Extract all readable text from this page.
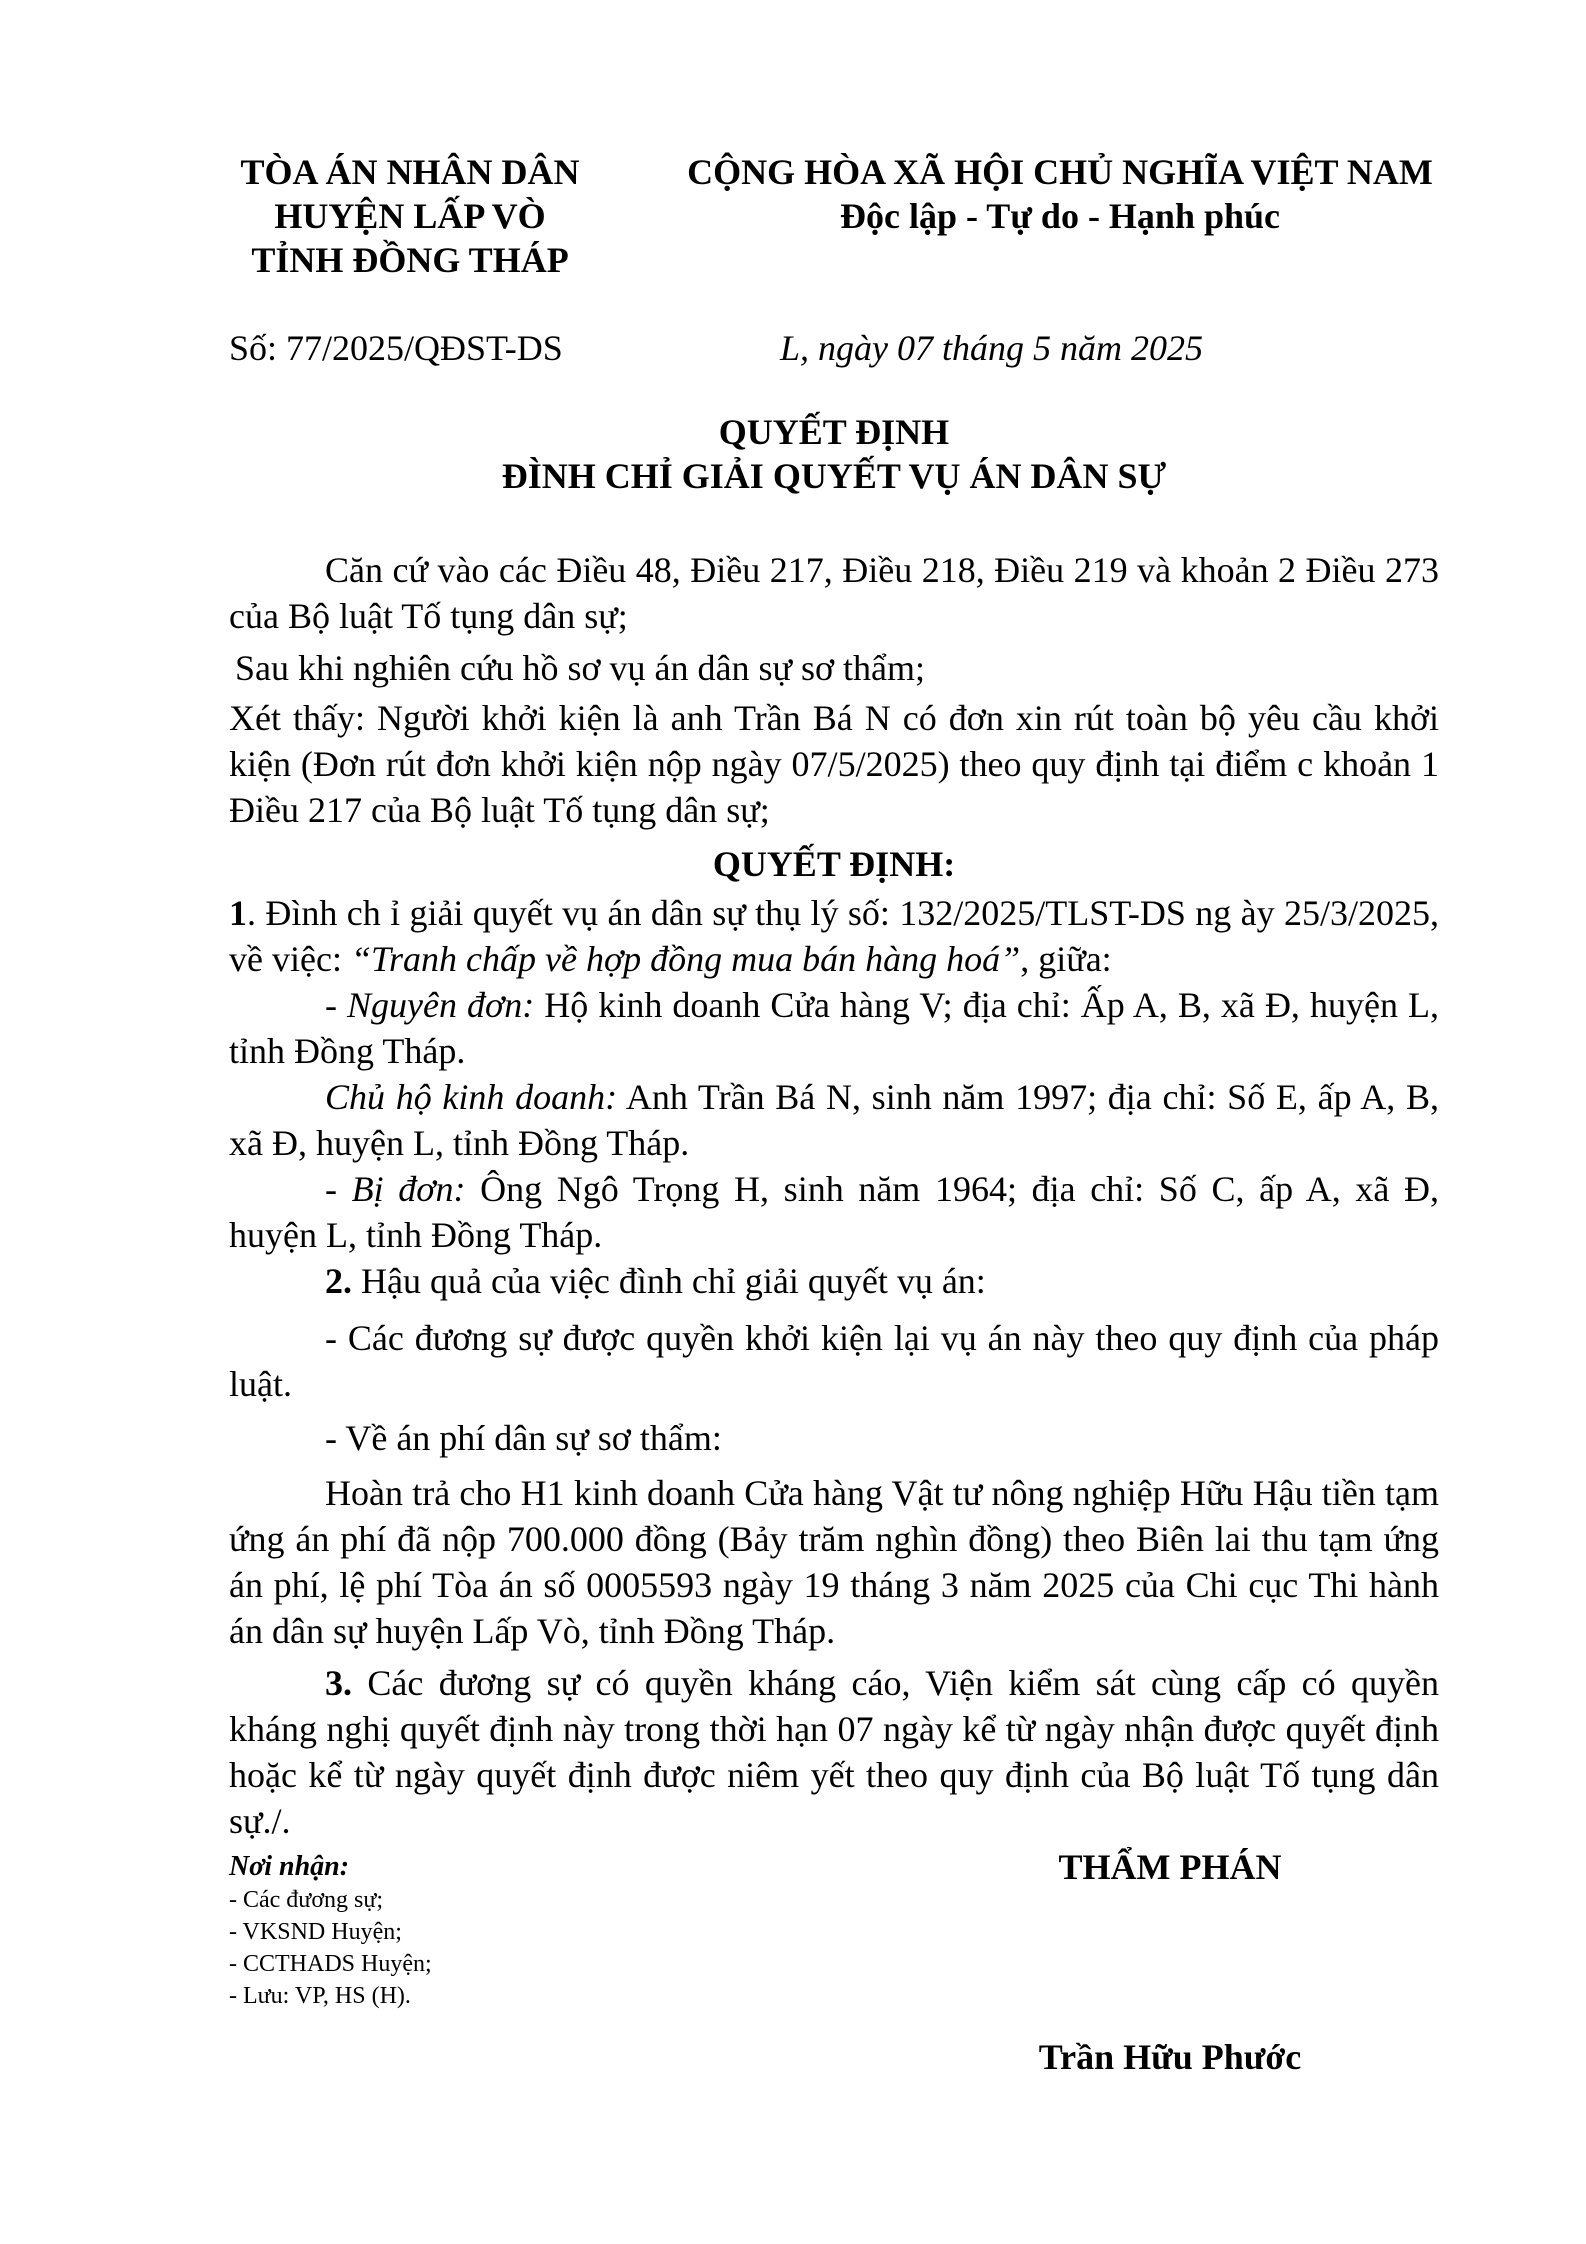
TÒA ÁN NHÂN DÂN
HUYỆN LẤP VÒ
TỈNH ĐỒNG THÁP
CỘNG HÒA XÃ HỘI CHỦ NGHĨA VIỆT NAM
Độc lập - Tự do - Hạnh phúc
Số: 77/2025/QĐST-DS	L, ngày 07 tháng 5 năm 2025
QUYẾT ĐỊNH
ĐÌNH CHỈ GIẢI QUYẾT VỤ ÁN DÂN SỰ
Căn cứ vào các Điều 48, Điều 217, Điều 218, Điều 219 và khoản 2 Điều 273 của Bộ luật Tố tụng dân sự;
Sau khi nghiên cứu hồ sơ vụ án dân sự sơ thẩm;
Xét thấy: Người khởi kiện là anh Trần Bá N có đơn xin rút toàn bộ yêu cầu khởi kiện (Đơn rút đơn khởi kiện nộp ngày 07/5/2025) theo quy định tại điểm c khoản 1 Điều 217 của Bộ luật Tố tụng dân sự;
QUYẾT ĐỊNH:
1. Đình ch ỉ giải quyết vụ án dân sự thụ lý số: 132/2025/TLST-DS ng ày 25/3/2025, về việc: “Tranh chấp về hợp đồng mua bán hàng hoá”, giữa:
- Nguyên đơn: Hộ kinh doanh Cửa hàng V; địa chỉ: Ấp A, B, xã Đ, huyện L, tỉnh Đồng Tháp.
Chủ hộ kinh doanh: Anh Trần Bá N, sinh năm 1997; địa chỉ: Số E, ấp A, B, xã Đ, huyện L, tỉnh Đồng Tháp.
- Bị đơn: Ông Ngô Trọng H, sinh năm 1964; địa chỉ: Số C, ấp A, xã Đ, huyện L, tỉnh Đồng Tháp.
2. Hậu quả của việc đình chỉ giải quyết vụ án:
- Các đương sự được quyền khởi kiện lại vụ án này theo quy định của pháp luật.
- Về án phí dân sự sơ thẩm:
Hoàn trả cho H1 kinh doanh Cửa hàng Vật tư nông nghiệp Hữu Hậu tiền tạm ứng án phí đã nộp 700.000 đồng (Bảy trăm nghìn đồng) theo Biên lai thu tạm ứng án phí, lệ phí Tòa án số 0005593 ngày 19 tháng 3 năm 2025 của Chi cục Thi hành án dân sự huyện Lấp Vò, tỉnh Đồng Tháp.
3. Các đương sự có quyền kháng cáo, Viện kiểm sát cùng cấp có quyền kháng nghị quyết định này trong thời hạn 07 ngày kể từ ngày nhận được quyết định hoặc kể từ ngày quyết định được niêm yết theo quy định của Bộ luật Tố tụng dân sự./.
Nơi nhận:
- Các đương sự;
- VKSND Huyện;
- CCTHADS Huyện;
- Lưu: VP, HS (H).
THẨM PHÁN
Trần Hữu Phước
